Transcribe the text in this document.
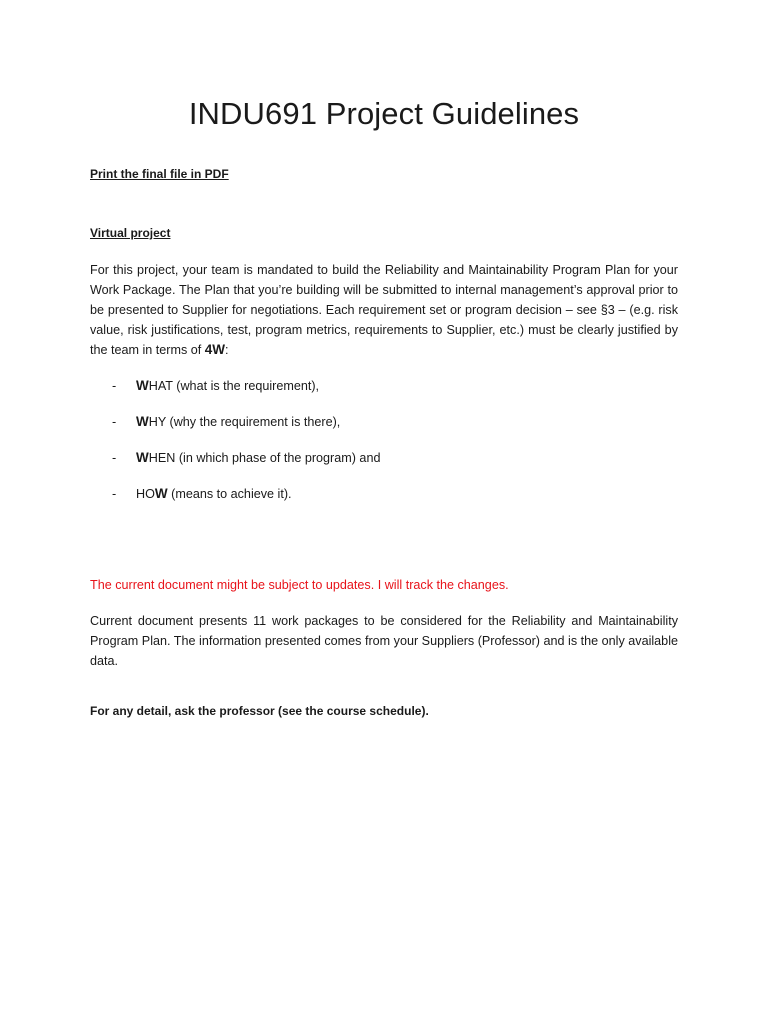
INDU691 Project Guidelines

Print the final file in PDF

Virtual project

For this project, your team is mandated to build the Reliability and Maintainability Program Plan for your Work Package. The Plan that you’re building will be submitted to internal management’s approval prior to be presented to Supplier for negotiations. Each requirement set or program decision – see §3 – (e.g. risk value, risk justifications, test, program metrics, requirements to Supplier, etc.) must be clearly justified by the team in terms of 4W:

- WHAT (what is the requirement),
- WHY (why the requirement is there),
- WHEN (in which phase of the program) and
- HOW (means to achieve it).

The current document might be subject to updates. I will track the changes.

Current document presents 11 work packages to be considered for the Reliability and Maintainability Program Plan. The information presented comes from your Suppliers (Professor) and is the only available data.

For any detail, ask the professor (see the course schedule).
